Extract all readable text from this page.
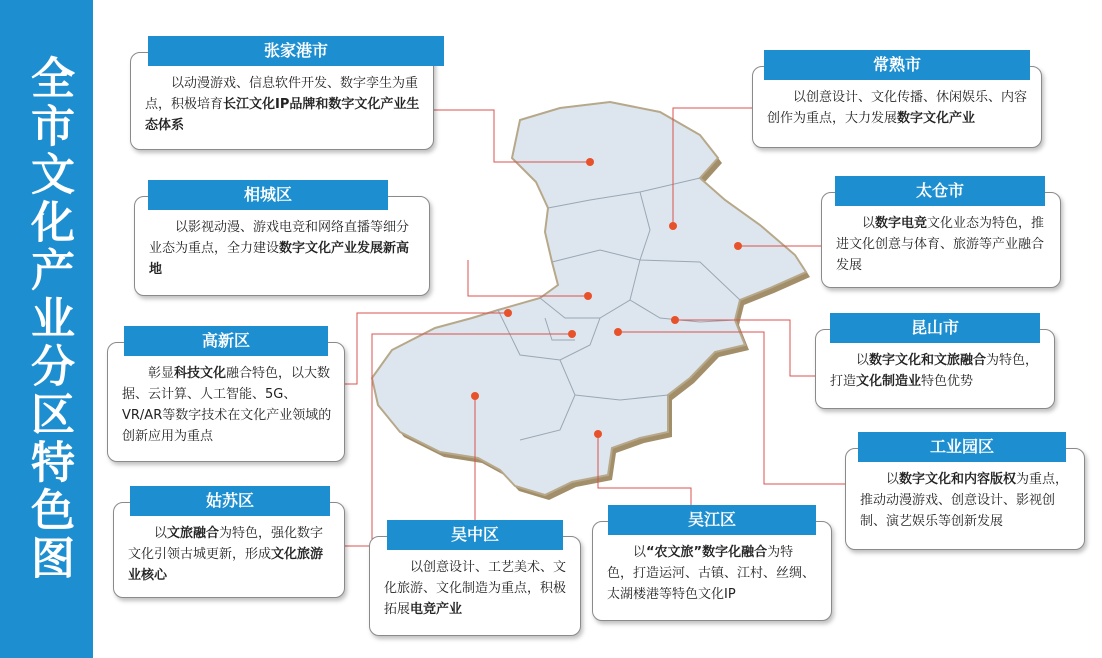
全市文化产业分区特色图
张家港市
以动漫游戏、信息软件开发、数字孪生为重点，积极培育长江文化IP品牌和数字文化产业生态体系
相城区
以影视动漫、游戏电竞和网络直播等细分业态为重点，全力建设数字文化产业发展新高地
高新区
彰显科技文化融合特色，以大数据、云计算、人工智能、5G、VR/AR等数字技术在文化产业领域的创新应用为重点
姑苏区
以文旅融合为特色，强化数字文化引领古城更新，形成文化旅游业核心
吴中区
以创意设计、工艺美术、文化旅游、文化制造为重点，积极拓展电竞产业
吴江区
以“农文旅”数字化融合为特色，打造运河、古镇、江村、丝绸、太湖楼港等特色文化IP
常熟市
以创意设计、文化传播、休闲娱乐、内容创作为重点，大力发展数字文化产业
太仓市
以数字电竞文化业态为特色，推进文化创意与体育、旅游等产业融合发展
昆山市
以数字文化和文旅融合为特色，打造文化制造业特色优势
工业园区
以数字文化和内容版权为重点，推动动漫游戏、创意设计、影视创制、演艺娱乐等创新发展
